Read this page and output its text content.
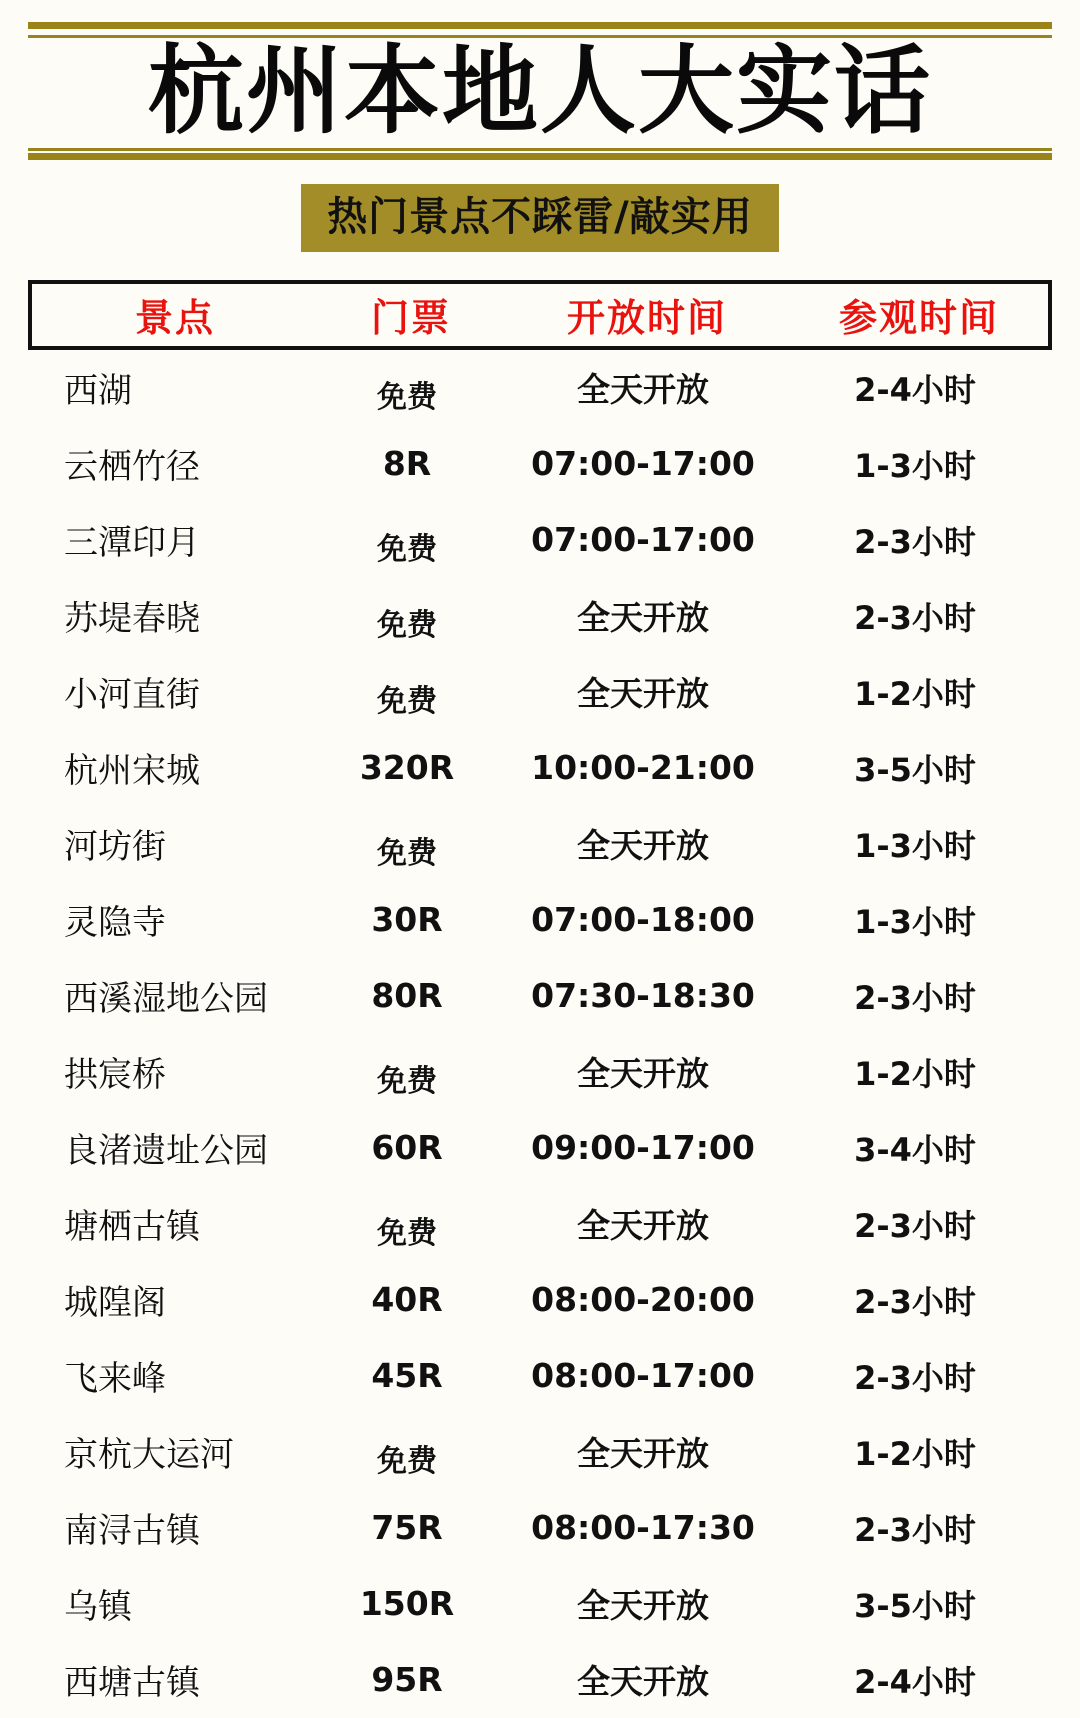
杭州本地人大实话
热门景点不踩雷/敲实用
景点	门票	开放时间	参观时间
西湖	免费	全天开放	2-4小时
云栖竹径	8R	07:00-17:00	1-3小时
三潭印月	免费	07:00-17:00	2-3小时
苏堤春晓	免费	全天开放	2-3小时
小河直街	免费	全天开放	1-2小时
杭州宋城	320R	10:00-21:00	3-5小时
河坊街	免费	全天开放	1-3小时
灵隐寺	30R	07:00-18:00	1-3小时
西溪湿地公园	80R	07:30-18:30	2-3小时
拱宸桥	免费	全天开放	1-2小时
良渚遗址公园	60R	09:00-17:00	3-4小时
塘栖古镇	免费	全天开放	2-3小时
城隍阁	40R	08:00-20:00	2-3小时
飞来峰	45R	08:00-17:00	2-3小时
京杭大运河	免费	全天开放	1-2小时
南浔古镇	75R	08:00-17:30	2-3小时
乌镇	150R	全天开放	3-5小时
西塘古镇	95R	全天开放	2-4小时
